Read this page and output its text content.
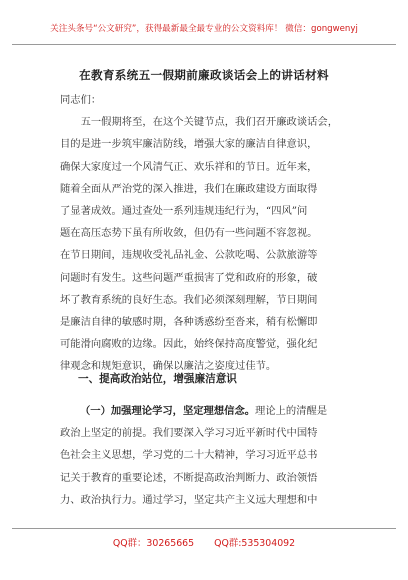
关注头条号“公文研究”，获得最新最全最专业的公文资料库！ 微信：gongwenyj
在教育系统五一假期前廉政谈话会上的讲话材料
同志们：
　　五一假期将至，在这个关键节点，我们召开廉政谈话会，
目的是进一步筑牢廉洁防线，增强大家的廉洁自律意识，
确保大家度过一个风清气正、欢乐祥和的节日。近年来，
随着全面从严治党的深入推进，我们在廉政建设方面取得
了显著成效。通过查处一系列违规违纪行为，“四风”问
题在高压态势下虽有所收敛，但仍有一些问题不容忽视。
在节日期间，违规收受礼品礼金、公款吃喝、公款旅游等
问题时有发生。这些问题严重损害了党和政府的形象，破
坏了教育系统的良好生态。我们必须深刻理解，节日期间
是廉洁自律的敏感时期，各种诱惑纷至沓来，稍有松懈即
可能滑向腐败的边缘。因此，始终保持高度警觉，强化纪
律观念和规矩意识，确保以廉洁之姿度过佳节。
一、提高政治站位，增强廉洁意识
（一）加强理论学习，坚定理想信念。理论上的清醒是
政治上坚定的前提。我们要深入学习习近平新时代中国特
色社会主义思想，学习党的二十大精神，学习习近平总书
记关于教育的重要论述，不断提高政治判断力、政治领悟
力、政治执行力。通过学习，坚定共产主义远大理想和中
QQ群：30265665 QQ群:535304092
